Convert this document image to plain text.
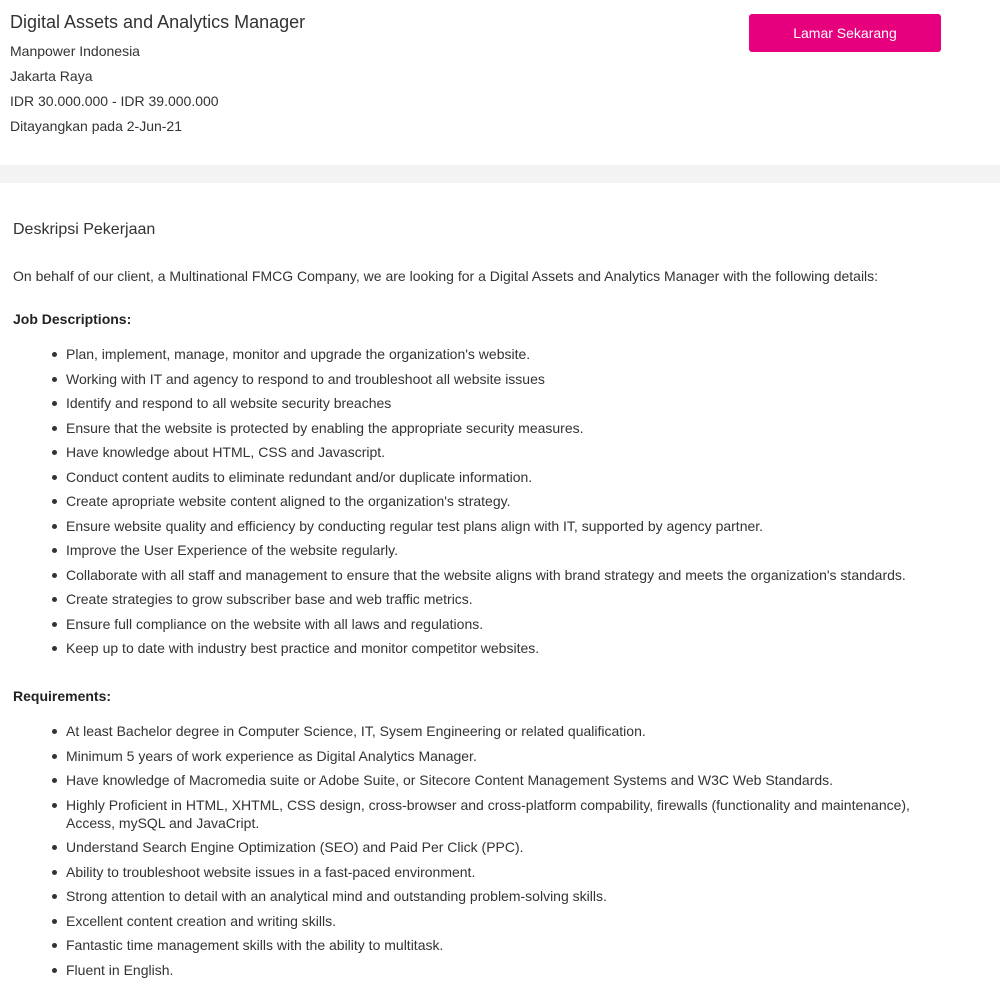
Digital Assets and Analytics Manager
Manpower Indonesia
Jakarta Raya
IDR 30.000.000 - IDR 39.000.000
Ditayangkan pada 2-Jun-21
Lamar Sekarang
Deskripsi Pekerjaan

On behalf of our client, a Multinational FMCG Company, we are looking for a Digital Assets and Analytics Manager with the following details:

Job Descriptions:

Plan, implement, manage, monitor and upgrade the organization's website.
Working with IT and agency to respond to and troubleshoot all website issues
Identify and respond to all website security breaches
Ensure that the website is protected by enabling the appropriate security measures.
Have knowledge about HTML, CSS and Javascript.
Conduct content audits to eliminate redundant and/or duplicate information.
Create apropriate website content aligned to the organization's strategy.
Ensure website quality and efficiency by conducting regular test plans align with IT, supported by agency partner.
Improve the User Experience of the website regularly.
Collaborate with all staff and management to ensure that the website aligns with brand strategy and meets the organization's standards.
Create strategies to grow subscriber base and web traffic metrics.
Ensure full compliance on the website with all laws and regulations.
Keep up to date with industry best practice and monitor competitor websites.

Requirements:

At least Bachelor degree in Computer Science, IT, Sysem Engineering or related qualification.
Minimum 5 years of work experience as Digital Analytics Manager.
Have knowledge of Macromedia suite or Adobe Suite, or Sitecore Content Management Systems and W3C Web Standards.
Highly Proficient in HTML, XHTML, CSS design, cross-browser and cross-platform compability, firewalls (functionality and maintenance), Access, mySQL and JavaCript.
Understand Search Engine Optimization (SEO) and Paid Per Click (PPC).
Ability to troubleshoot website issues in a fast-paced environment.
Strong attention to detail with an analytical mind and outstanding problem-solving skills.
Excellent content creation and writing skills.
Fantastic time management skills with the ability to multitask.
Fluent in English.
